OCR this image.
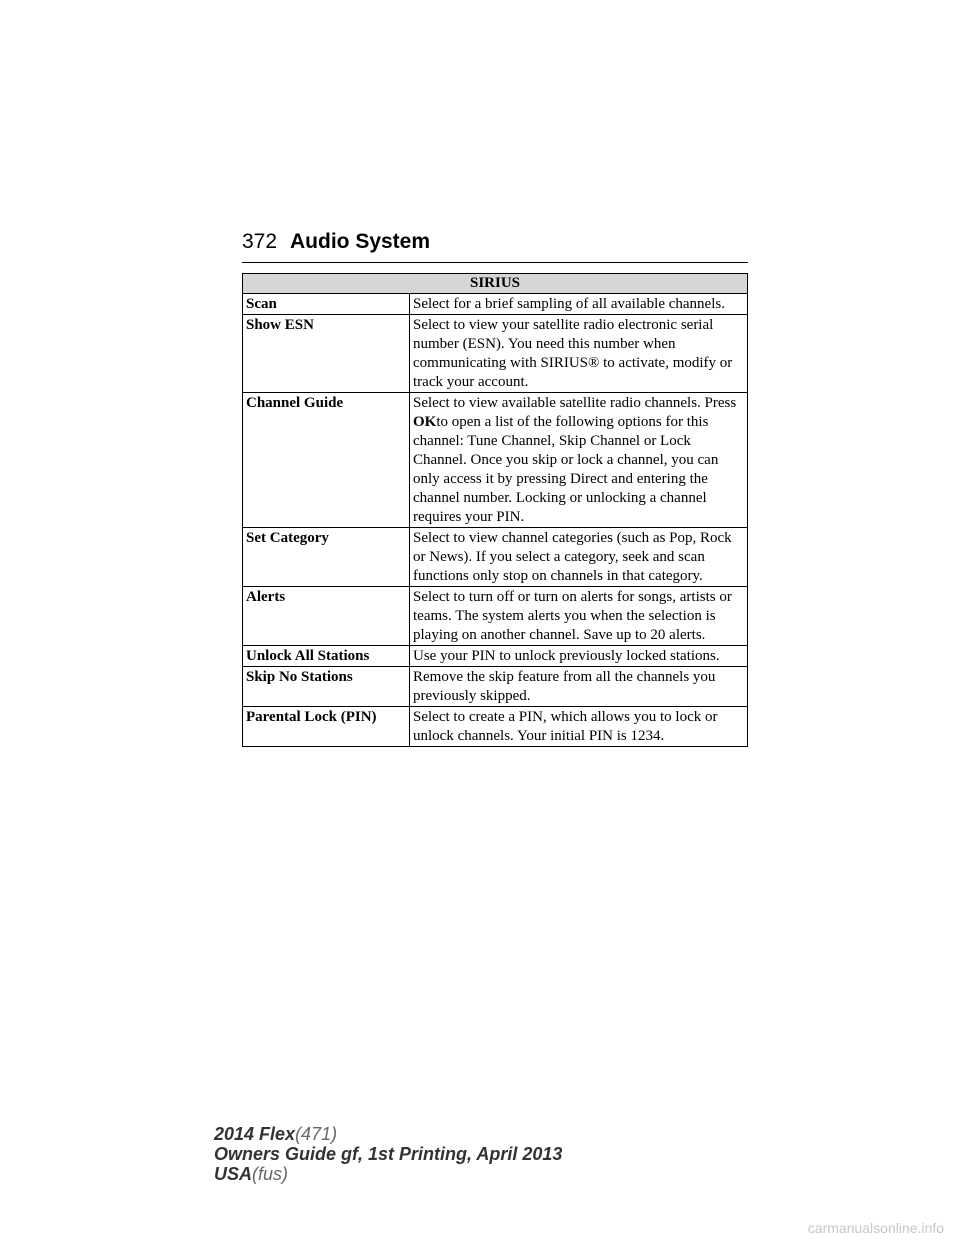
372 Audio System
SIRIUS	
Scan	Select for a brief sampling of all available channels.
Show ESN	Select to view your satellite radio electronic serial number (ESN). You need this number when communicating with SIRIUS® to activate, modify or track your account.
Channel Guide	Select to view available satellite radio channels. Press OKto open a list of the following options for this channel: Tune Channel, Skip Channel or Lock Channel. Once you skip or lock a channel, you can only access it by pressing Direct and entering the channel number. Locking or unlocking a channel requires your PIN.
Set Category	Select to view channel categories (such as Pop, Rock or News). If you select a category, seek and scan functions only stop on channels in that category.
Alerts	Select to turn off or turn on alerts for songs, artists or teams. The system alerts you when the selection is playing on another channel. Save up to 20 alerts.
Unlock All Stations	Use your PIN to unlock previously locked stations.
Skip No Stations	Remove the skip feature from all the channels you previously skipped.
Parental Lock (PIN)	Select to create a PIN, which allows you to lock or unlock channels. Your initial PIN is 1234.
2014 Flex(471)
Owners Guide gf, 1st Printing, April 2013
USA(fus)
carmanualsonline.info
